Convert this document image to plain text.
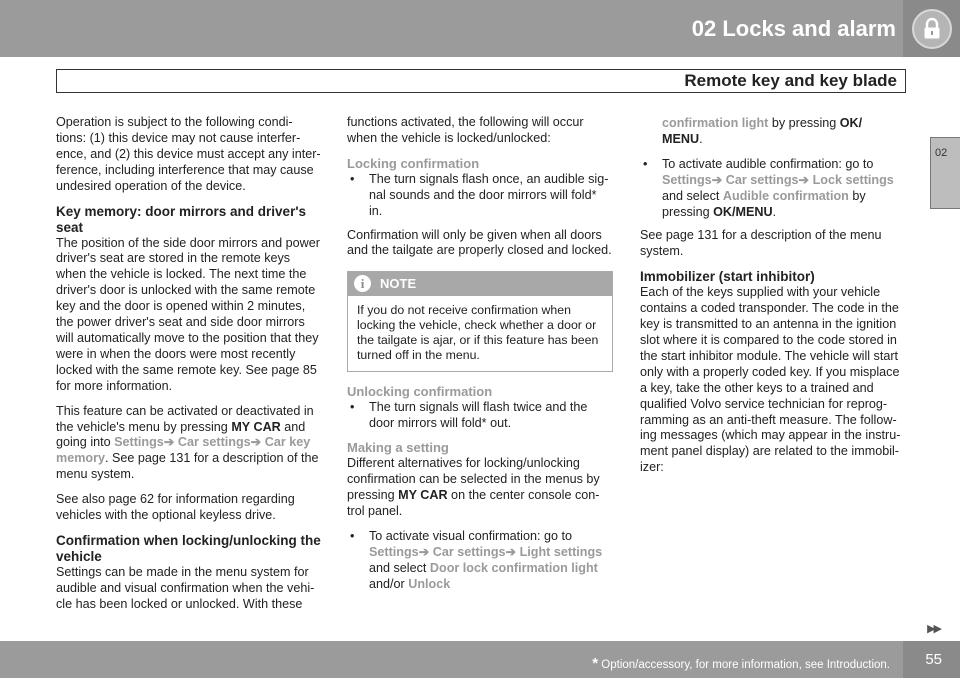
02 Locks and alarm
Remote key and key blade
02

Operation is subject to the following condi-tions: (1) this device may not cause interfer-ence, and (2) this device must accept any inter-ference, including interference that may cause undesired operation of the device.

Key memory: door mirrors and driver's seat

The position of the side door mirrors and power driver's seat are stored in the remote keys when the vehicle is locked. The next time the driver's door is unlocked with the same remote key and the door is opened within 2 minutes, the power driver's seat and side door mirrors will automatically move to the position that they were in when the doors were most recently locked with the same remote key. See page 85 for more information.

This feature can be activated or deactivated in the vehicle's menu by pressing MY CAR and going into Settings➔ Car settings➔ Car key memory. See page 131 for a description of the menu system.

See also page 62 for information regarding vehicles with the optional keyless drive.

Confirmation when locking/unlocking the vehicle

Settings can be made in the menu system for audible and visual confirmation when the vehi-cle has been locked or unlocked. With these

functions activated, the following will occur when the vehicle is locked/unlocked:

Locking confirmation
• The turn signals flash once, an audible sig-nal sounds and the door mirrors will fold* in.

Confirmation will only be given when all doors and the tailgate are properly closed and locked.

i	NOTE
If you do not receive confirmation when locking the vehicle, check whether a door or the tailgate is ajar, or if this feature has been turned off in the menu.
Unlocking confirmation
• The turn signals will flash twice and the door mirrors will fold* out.
Making a setting

Different alternatives for locking/unlocking confirmation can be selected in the menus by pressing MY CAR on the center console con-trol panel.

• To activate visual confirmation: go to Settings➔ Car settings➔ Light settings and select Door lock confirmation light and/or Unlock

confirmation light by pressing OK/ MENU.

• To activate audible confirmation: go to Settings➔ Car settings➔ Lock settings and select Audible confirmation by pressing OK/MENU.

See page 131 for a description of the menu system.

Immobilizer (start inhibitor)

Each of the keys supplied with your vehicle contains a coded transponder. The code in the key is transmitted to an antenna in the ignition slot where it is compared to the code stored in the start inhibitor module. The vehicle will start only with a properly coded key. If you misplace a key, take the other keys to a trained and qualified Volvo service technician for reprog-ramming as an anti-theft measure. The follow-ing messages (which may appear in the instru-ment panel display) are related to the immobil-izer:

▶▶
* Option/accessory, for more information, see Introduction. 55
